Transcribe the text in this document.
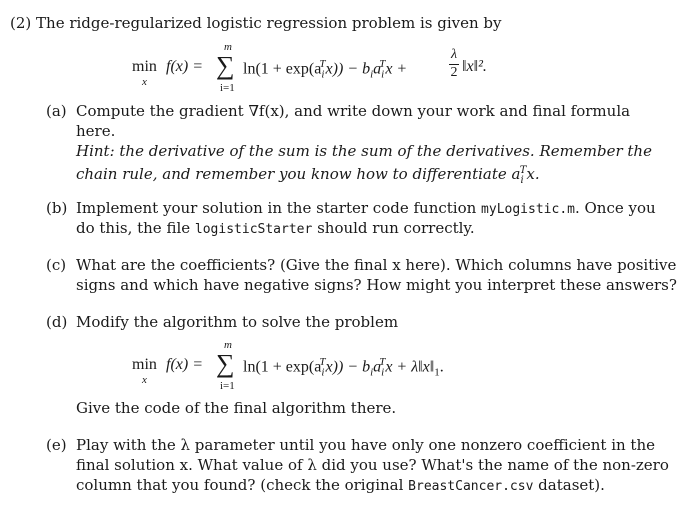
(2) The ridge-regularized logistic regression problem is given by
min
x
f(x) =
m
∑
i=1
$\ln(1 + \exp(a_i^Tx)) - b_ia_i^Tx$ +
λ
2 ‖x‖².
(a) Compute the gradient ∇f(x), and write down your work and final formula
here.
Hint: the derivative of the sum is the sum of the derivatives. Remember the
chain rule, and remember you know how to differentiate $a_i^Tx$.
(b) Implement your solution in the starter code function myLogistic.m. Once you
do this, the file logisticStarter should run correctly.
(c) What are the coefficients? (Give the final x here). Which columns have positive
signs and which have negative signs? How might you interpret these answers?
(d) Modify the algorithm to solve the problem
min
x
f(x) =
m
∑
i=1
$\ln(1 + \exp(a_i^Tx)) - b_ia_i^Tx$ + $\lambda‖x‖_1$.
Give the code of the final algorithm there.
(e) Play with the λ parameter until you have only one nonzero coefficient in the
final solution x. What value of λ did you use? What's the name of the non-zero
column that you found? (check the original BreastCancer.csv dataset).
